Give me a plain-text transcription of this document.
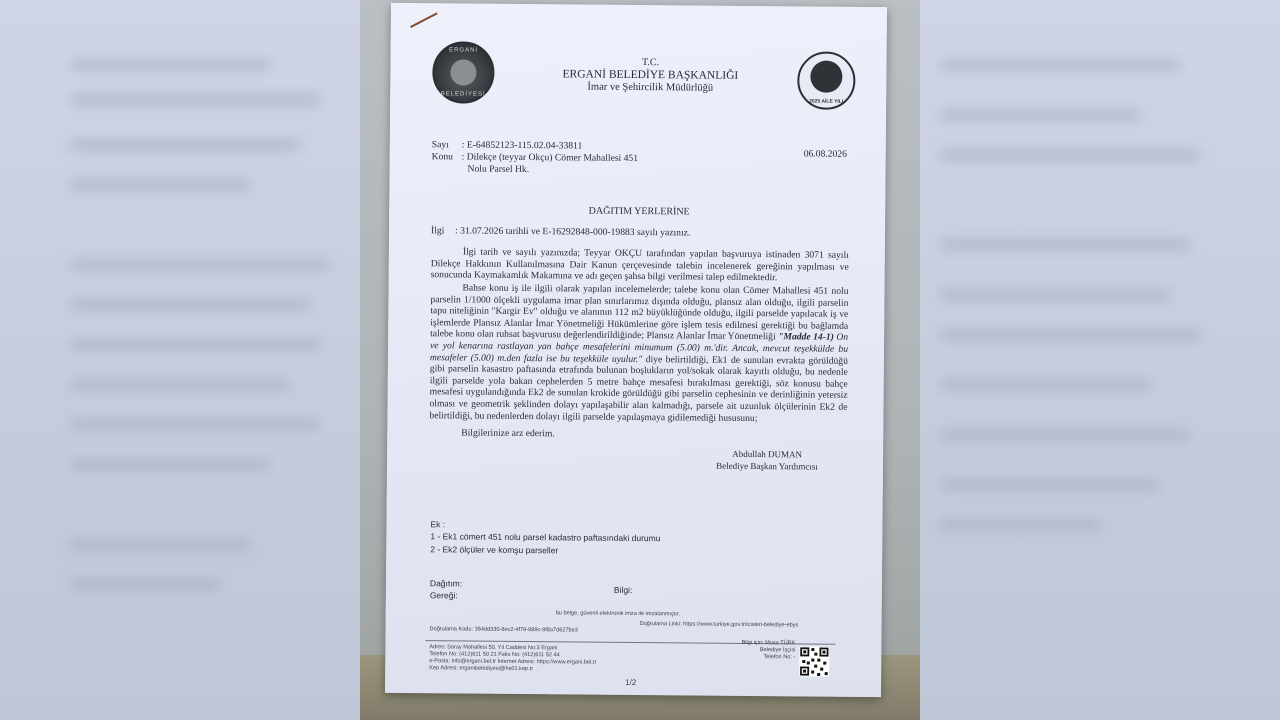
ERGANİ
BELEDİYESİ
T.C.
ERGANİ BELEDİYE BAŞKANLIĞI
İmar ve Şehircilik Müdürlüğü
2025 AİLE YILI
Sayı : E-64852123-115.02.04-33811
06.08.2026
Konu : Dilekçe (teyyar Okçu) Cömer Mahallesi 451
Nolu Parsel Hk.
DAĞITIM YERLERİNE
İlgi : 31.07.2026 tarihli ve E-16292848-000-19883 sayılı yazınız.
İlgi tarih ve sayılı yazınızda; Teyyar OKÇU tarafından yapılan başvuruya istinaden 3071 sayılı Dilekçe Hakkının Kullanılmasına Dair Kanun çerçevesinde talebin incelenerek gereğinin yapılması ve sonucunda Kaymakamlık Makamına ve adı geçen şahsa bilgi verilmesi talep edilmektedir.
Bahse konu iş ile ilgili olarak yapılan incelemelerde; talebe konu olan Cömer Mahallesi 451 nolu parselin 1/1000 ölçekli uygulama imar plan sınırlarımız dışında olduğu, plansız alan olduğu, ilgili parselin tapu niteliğinin "Kargir Ev" olduğu ve alanının 112 m2 büyüklüğünde olduğu, ilgili parselde yapılacak iş ve işlemlerde Plansız Alanlar İmar Yönetmeliği Hükümlerine göre işlem tesis edilmesi gerektiği bu bağlamda talebe konu olan ruhsat başvurusu değerlendirildiğinde; Plansız Alanlar İmar Yönetmeliği "Madde 14-1) On ve yol kenarına rastlayan yan bahçe mesafelerini minumum (5.00) m.'dir. Ancak, mevcut teşekkülde bu mesafeler (5.00) m.den fazla ise bu teşekküle uyulur." diye belirtildiği, Ek1 de sunulan evrakta görüldüğü gibi parselin kasastro paftasında etrafında bulunan boşlukların yol/sokak olarak kayıtlı olduğu, bu nedenle ilgili parselde yola bakan cephelerden 5 metre bahçe mesafesi bırakılması gerektiği, söz konusu bahçe mesafesi uygulandığında Ek2 de sunulan krokide görüldüğü gibi parselin cephesinin ve derinliğinin yetersiz olması ve geometrik şeklinden dolayı yapılaşabilir alan kalmadığı, parsele ait uzunluk ölçülerinin Ek2 de belirtildiği, bu nedenlerden dolayı ilgili parselde yapılaşmaya gidilemediği hususunu;
Bilgilerinize arz ederim.
Abdullah DUMAN
Belediye Başkan Yardımcısı
Ek :
1 - Ek1 cömert 451 nolu parsel kadastro paftasındaki durumu
2 - Ek2 ölçüler ve komşu parseller
Dağıtım:
Bilgi:
Gereği:
bu belge, güvenli elektronik imza ile imzalanmıştır.
Doğrulama Linki: https://www.turkiye.gov.tr/icisleri-belediye-ebys
Doğrulama Kodu: 354dd330-8ec2-4f79-989c-9f8a7d627be3
Adres: Saray Mahallesi 50. Yıl Caddesi No:3 Ergani
Telefon No: (412)611 50 21 Faks No: (412)611 52 44
e-Posta: info@ergani.bel.tr İnternet Adresi: https://www.ergani.bel.tr
Kep Adresi: erganibelediyesi@hs01.kep.tr
Bilgi için: Musa TÜRK
Belediye İşçisi
Telefon No: -
1/2
